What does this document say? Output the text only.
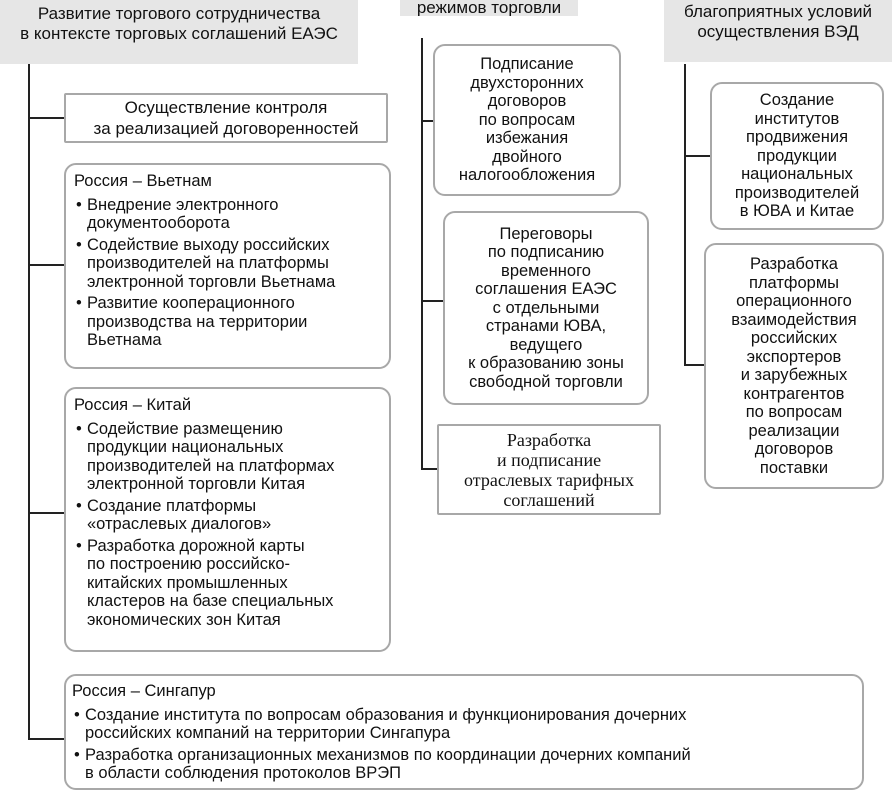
Развитие торгового сотрудничества
в контексте торговых соглашений ЕАЭС
режимов торговли	благоприятных условий
осуществления ВЭД
Осуществление контроля
за реализацией договоренностей
Россия – Вьетнам
• Внедрение электронного
документооборота
• Содействие выходу российских
производителей на платформы
электронной торговли Вьетнама
• Развитие кооперационного
производства на территории
Вьетнама
Россия – Китай
• Содействие размещению
продукции национальных
производителей на платформах
электронной торговли Китая
• Создание платформы
«отраслевых диалогов»
• Разработка дорожной карты
по построению российско-
китайских промышленных
кластеров на базе специальных
экономических зон Китая
Россия – Сингапур
• Создание института по вопросам образования и функционирования дочерних
российских компаний на территории Сингапура
• Разработка организационных механизмов по координации дочерних компаний
в области соблюдения протоколов ВРЭП
Подписание
двухсторонних
договоров
по вопросам
избежания
двойного
налогообложения
Переговоры
по подписанию
временного
соглашения ЕАЭС
с отдельными
странами ЮВА,
ведущего
к образованию зоны
свободной торговли
Разработка
и подписание
отраслевых тарифных
соглашений
Создание
институтов
продвижения
продукции
национальных
производителей
в ЮВА и Китае
Разработка
платформы
операционного
взаимодействия
российских
экспортеров
и зарубежных
контрагентов
по вопросам
реализации
договоров
поставки
